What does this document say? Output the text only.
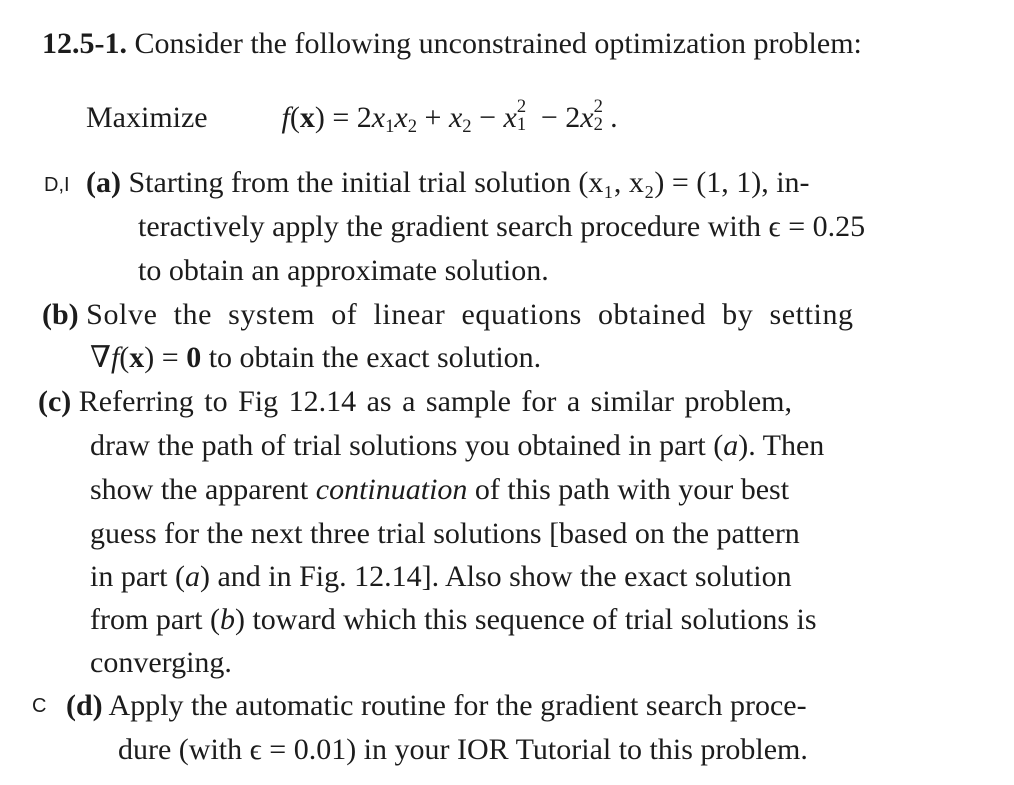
12.5-1. Consider the following unconstrained optimization problem:
Maximize $f(x) = 2x_1x_2 + x_2 - x$ 2
1 − 2x 2
2 .
D,I (a) Starting from the initial trial solution (x₁, x₂) = (1, 1), in-
teractively apply the gradient search procedure with ϵ = 0.25
to obtain an approximate solution.
(b) Solve the system of linear equations obtained by setting
∇f(x) = 0 to obtain the exact solution.
(c) Referring to Fig 12.14 as a sample for a similar problem,
draw the path of trial solutions you obtained in part (a). Then
show the apparent continuation of this path with your best
guess for the next three trial solutions [based on the pattern
in part (a) and in Fig. 12.14]. Also show the exact solution
from part (b) toward which this sequence of trial solutions is
converging.
C (d) Apply the automatic routine for the gradient search proce-
dure (with ϵ = 0.01) in your IOR Tutorial to this problem.
